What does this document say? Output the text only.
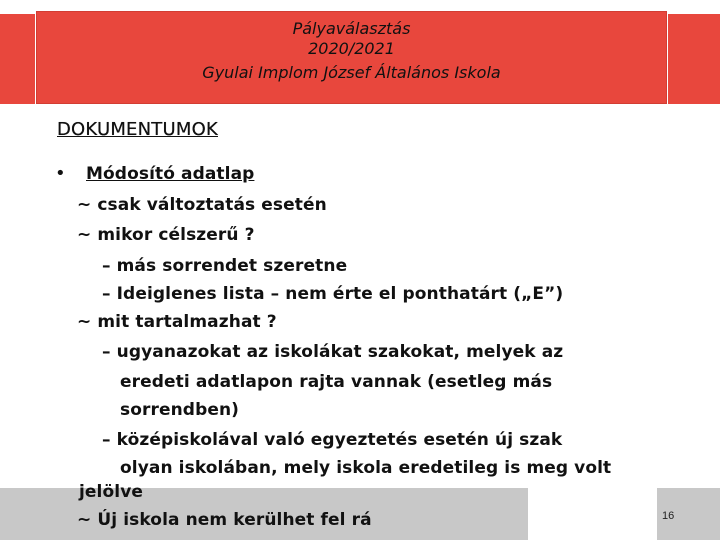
Pályaválasztás
2020/2021
Gyulai Implom József Általános Iskola
DOKUMENTUMOK
• Módosító adatlap
~ csak változtatás esetén
~ mikor célszerű ?
– más sorrendet szeretne
– Ideiglenes lista – nem érte el ponthatárt („E”)
~ mit tartalmazhat ?
– ugyanazokat az iskolákat szakokat, melyek az
eredeti adatlapon rajta vannak (esetleg más
sorrendben)
– középiskolával való egyeztetés esetén új szak
olyan iskolában, mely iskola eredetileg is meg volt
jelölve
~ Új iskola nem kerülhet fel rá	16
